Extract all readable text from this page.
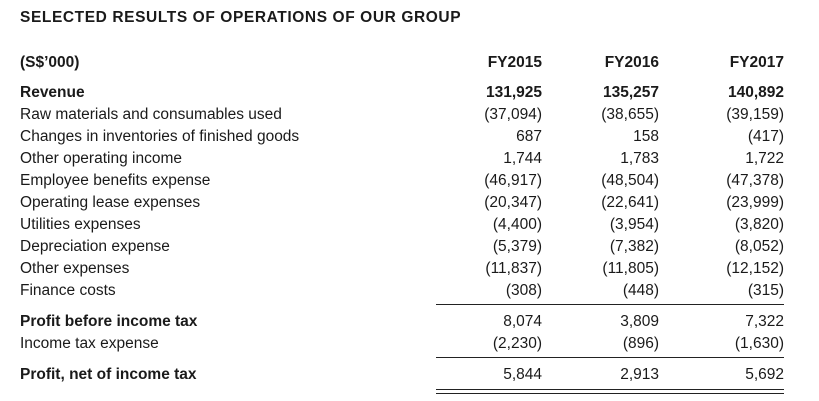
SELECTED RESULTS OF OPERATIONS OF OUR GROUP
(S$’000)	FY2015	FY2016	FY2017
Revenue	131,925	135,257	140,892
Raw materials and consumables used	(37,094)	(38,655)	(39,159)
Changes in inventories of finished goods	687	158	(417)
Other operating income	1,744	1,783	1,722
Employee benefits expense	(46,917)	(48,504)	(47,378)
Operating lease expenses	(20,347)	(22,641)	(23,999)
Utilities expenses	(4,400)	(3,954)	(3,820)
Depreciation expense	(5,379)	(7,382)	(8,052)
Other expenses	(11,837)	(11,805)	(12,152)
Finance costs	(308)	(448)	(315)
Profit before income tax	8,074	3,809	7,322
Income tax expense	(2,230)	(896)	(1,630)
Profit, net of income tax	5,844	2,913	5,692
